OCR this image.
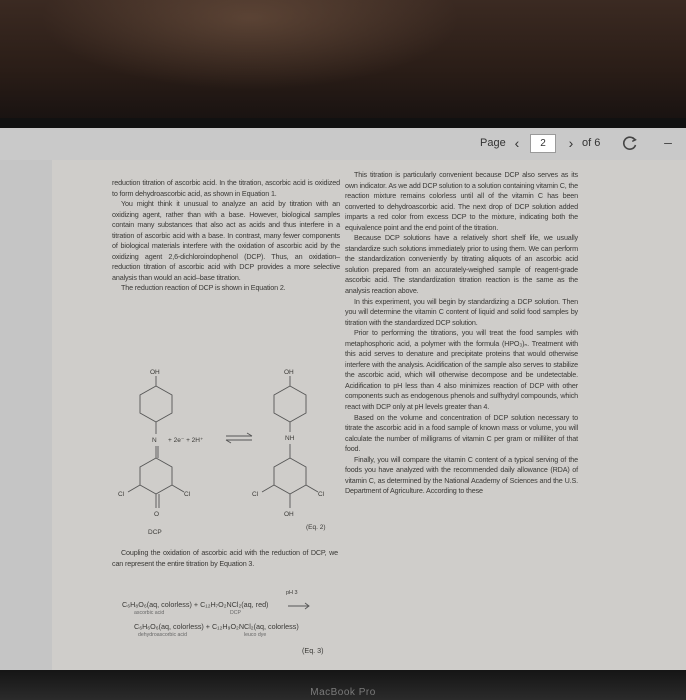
Page ‹
2	› of 6	–

reduction titration of ascorbic acid. In the titration, ascorbic acid is oxidized to form dehydroascorbic acid, as shown in Equation 1.

You might think it unusual to analyze an acid by titration with an oxidizing agent, rather than with a base. However, biological samples contain many substances that also act as acids and thus interfere in a titration of ascorbic acid with a base. In contrast, many fewer components of biological materials interfere with the oxidation of ascorbic acid by the oxidizing agent 2,6-dichloroindophenol (DCP). Thus, an oxidation–reduction titration of ascorbic acid with DCP provides a more selective analysis than would an acid–base titration.

The reduction reaction of DCP is shown in Equation 2.

OH	OH
N + 2e⁻ + 2H⁺	NH
Cl	Cl	Cl	Cl
O	OH
DCP
(Eq. 2)

Coupling the oxidation of ascorbic acid with the reduction of DCP, we can represent the entire titration by Equation 3.

C₆H₈O₆(aq, colorless) + C₁₂H₇O₂NCl₂(aq, red)
pH 3
ascorbic acid	DCP
C₆H₆O₆(aq, colorless) + C₁₂H₉O₂NCl₂(aq, colorless)
dehydroascorbic acid	leuco dye
(Eq. 3)

This titration is particularly convenient because DCP also serves as its own indicator. As we add DCP solution to a solution containing vitamin C, the reaction mixture remains colorless until all of the vitamin C has been converted to dehydroascorbic acid. The next drop of DCP solution added imparts a red color from excess DCP to the mixture, indicating both the equivalence point and the end point of the titration.

Because DCP solutions have a relatively short shelf life, we usually standardize such solutions immediately prior to using them. We can perform the standardization conveniently by titrating aliquots of an ascorbic acid solution prepared from an accurately-weighed sample of reagent-grade ascorbic acid. The standardization titration reaction is the same as the analysis reaction above.

In this experiment, you will begin by standardizing a DCP solution. Then you will determine the vitamin C content of liquid and solid food samples by titration with the standardized DCP solution.

Prior to performing the titrations, you will treat the food samples with metaphosphoric acid, a polymer with the formula (HPO₃)ₙ. Treatment with this acid serves to denature and precipitate proteins that would otherwise interfere with the analysis. Acidification of the sample also serves to stabilize the ascorbic acid, which will otherwise decompose and be undetectable. Acidification to pH less than 4 also minimizes reaction of DCP with other components such as endogenous phenols and sulfhydryl compounds, which react with DCP only at pH levels greater than 4.

Based on the volume and concentration of DCP solution necessary to titrate the ascorbic acid in a food sample of known mass or volume, you will calculate the number of milligrams of vitamin C per gram or milliliter of that food.

Finally, you will compare the vitamin C content of a typical serving of the foods you have analyzed with the recommended daily allowance (RDA) of vitamin C, as determined by the National Academy of Sciences and the U.S. Department of Agriculture. According to these

MacBook Pro
